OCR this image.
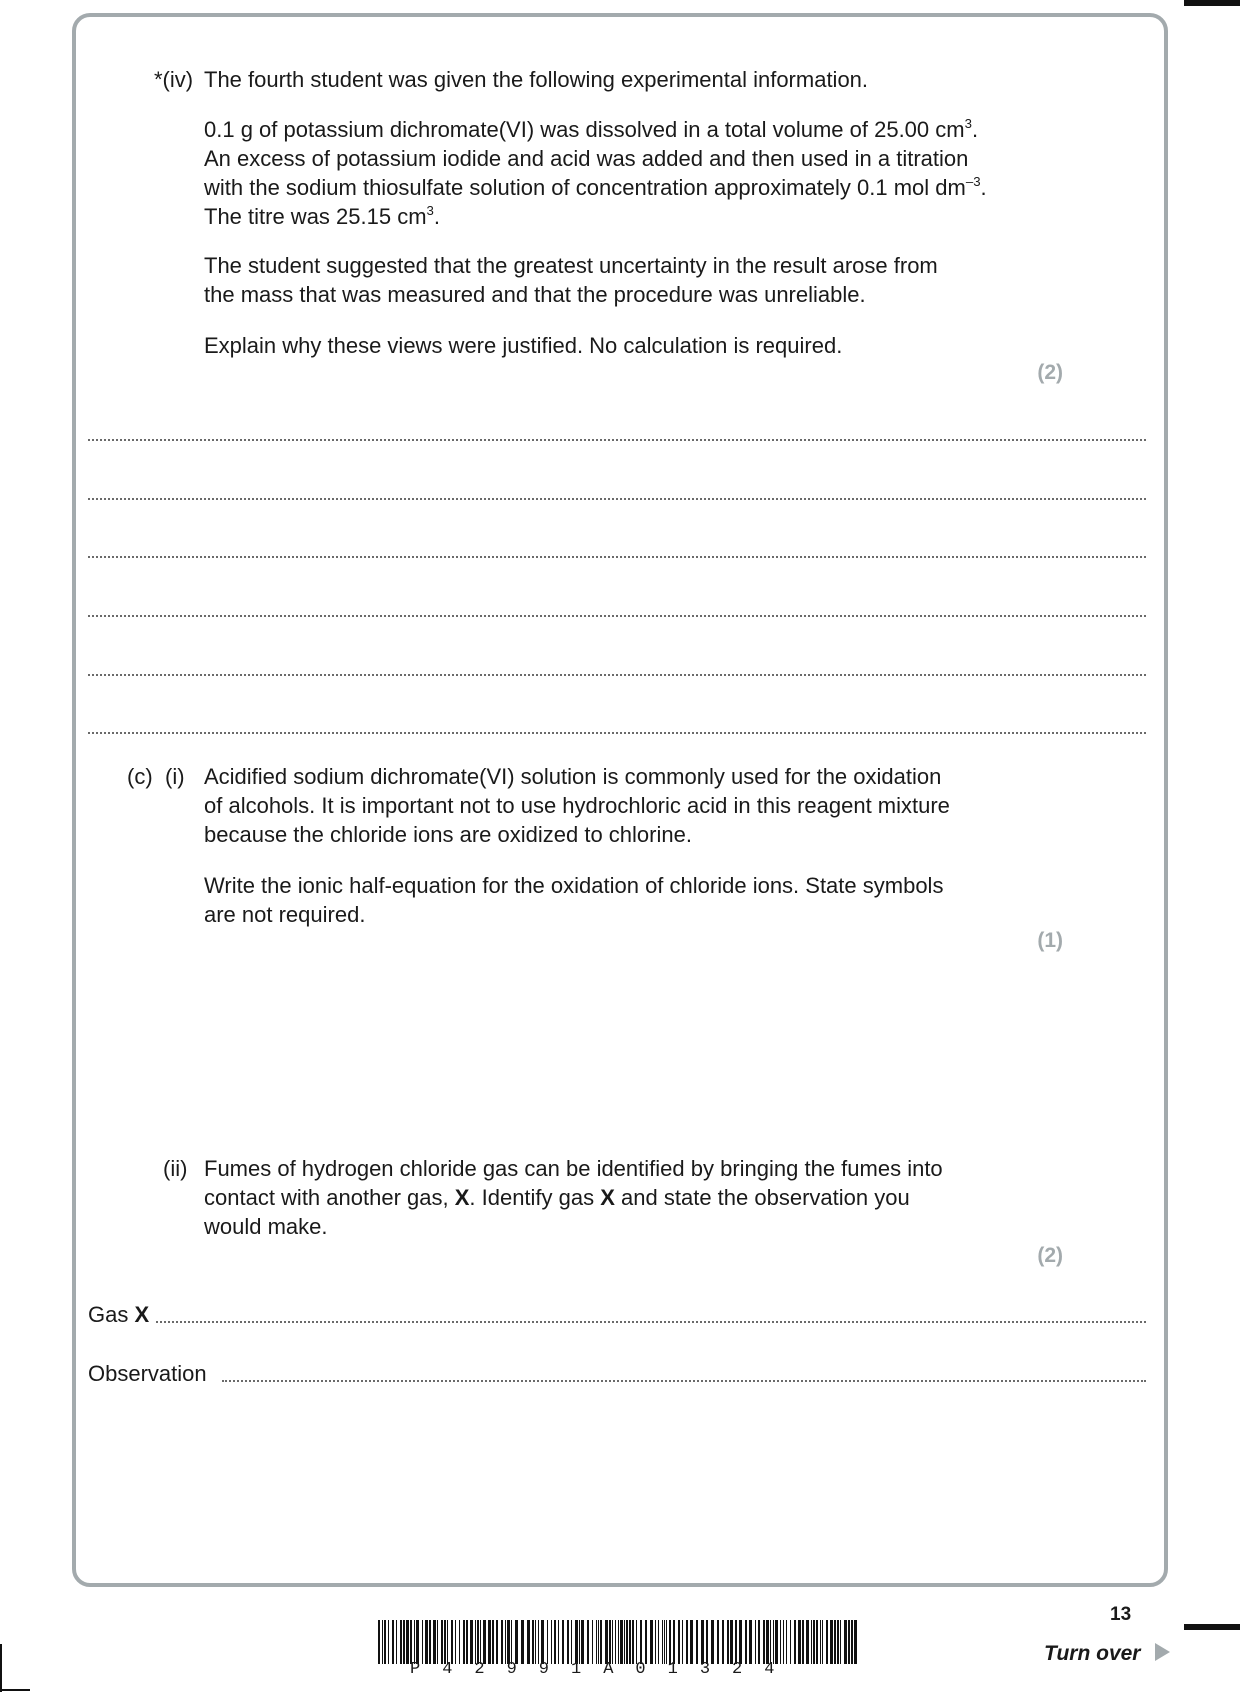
*(iv) The fourth student was given the following experimental information.
0.1 g of potassium dichromate(VI) was dissolved in a total volume of 25.00 $cm^3$.
An excess of potassium iodide and acid was added and then used in a titration
with the sodium thiosulfate solution of concentration approximately 0.1 mol $dm^{-3}$.
The titre was 25.15 $cm^3$.
The student suggested that the greatest uncertainty in the result arose from
the mass that was measured and that the procedure was unreliable.
Explain why these views were justified. No calculation is required.
(2)
(c) (i) Acidified sodium dichromate(VI) solution is commonly used for the oxidation
of alcohols. It is important not to use hydrochloric acid in this reagent mixture
because the chloride ions are oxidized to chlorine.
Write the ionic half-equation for the oxidation of chloride ions. State symbols
are not required.
(1)
(ii) Fumes of hydrogen chloride gas can be identified by bringing the fumes into
contact with another gas, X. Identify gas X and state the observation you
would make.
(2)
Gas X
Observation
P42991A01324
13
Turn over
